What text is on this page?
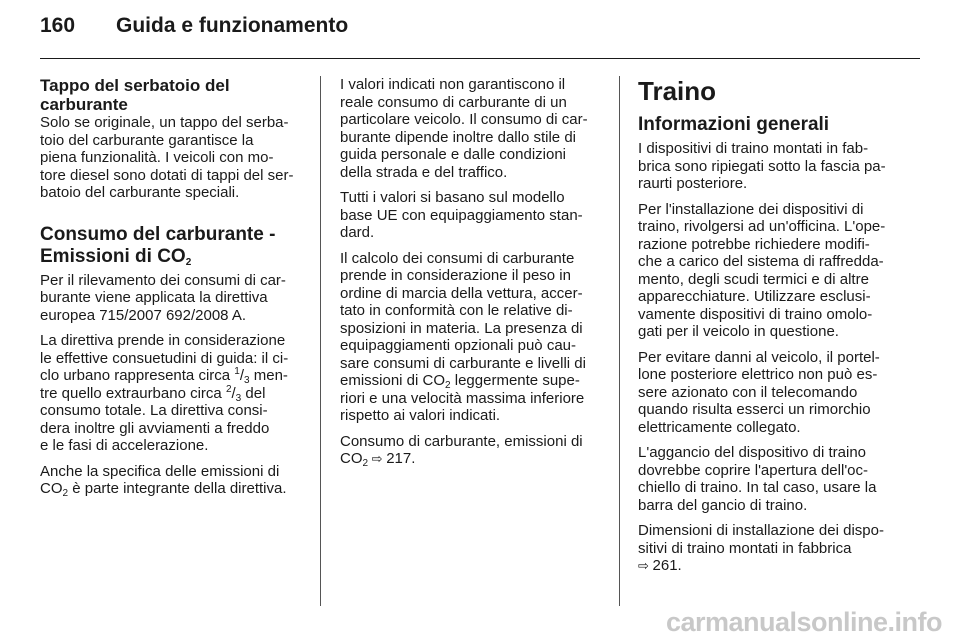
160	Guida e funzionamento
Tappo del serbatoio del
carburante

Solo se originale, un tappo del serba-
toio del carburante garantisce la
piena funzionalità. I veicoli con mo-
tore diesel sono dotati di tappi del ser-
batoio del carburante speciali.

Consumo del carburante -
Emissioni di $CO_2$

Per il rilevamento dei consumi di car-
burante viene applicata la direttiva
europea 715/2007 692/2008 A.

La direttiva prende in considerazione
le effettive consuetudini di guida: il ci-
clo urbano rappresenta circa $^1/_3$ men-
tre quello extraurbano circa $^2/_3$ del
consumo totale. La direttiva consi-
dera inoltre gli avviamenti a freddo
e le fasi di accelerazione.

Anche la specifica delle emissioni di
$CO_2$ è parte integrante della direttiva.

I valori indicati non garantiscono il
reale consumo di carburante di un
particolare veicolo. Il consumo di car-
burante dipende inoltre dallo stile di
guida personale e dalle condizioni
della strada e del traffico.

Tutti i valori si basano sul modello
base UE con equipaggiamento stan-
dard.

Il calcolo dei consumi di carburante
prende in considerazione il peso in
ordine di marcia della vettura, accer-
tato in conformità con le relative di-
sposizioni in materia. La presenza di
equipaggiamenti opzionali può cau-
sare consumi di carburante e livelli di
emissioni di $CO_2$ leggermente supe-
riori e una velocità massima inferiore
rispetto ai valori indicati.

Consumo di carburante, emissioni di
$CO_2$ ⇨ 217.

Traino
Informazioni generali

I dispositivi di traino montati in fab-
brica sono ripiegati sotto la fascia pa-
raurti posteriore.

Per l'installazione dei dispositivi di
traino, rivolgersi ad un'officina. L'ope-
razione potrebbe richiedere modifi-
che a carico del sistema di raffredda-
mento, degli scudi termici e di altre
apparecchiature. Utilizzare esclusi-
vamente dispositivi di traino omolo-
gati per il veicolo in questione.

Per evitare danni al veicolo, il portel-
lone posteriore elettrico non può es-
sere azionato con il telecomando
quando risulta esserci un rimorchio
elettricamente collegato.

L'aggancio del dispositivo di traino
dovrebbe coprire l'apertura dell'oc-
chiello di traino. In tal caso, usare la
barra del gancio di traino.

Dimensioni di installazione dei dispo-
sitivi di traino montati in fabbrica
⇨ 261.

carmanualsonline.info
